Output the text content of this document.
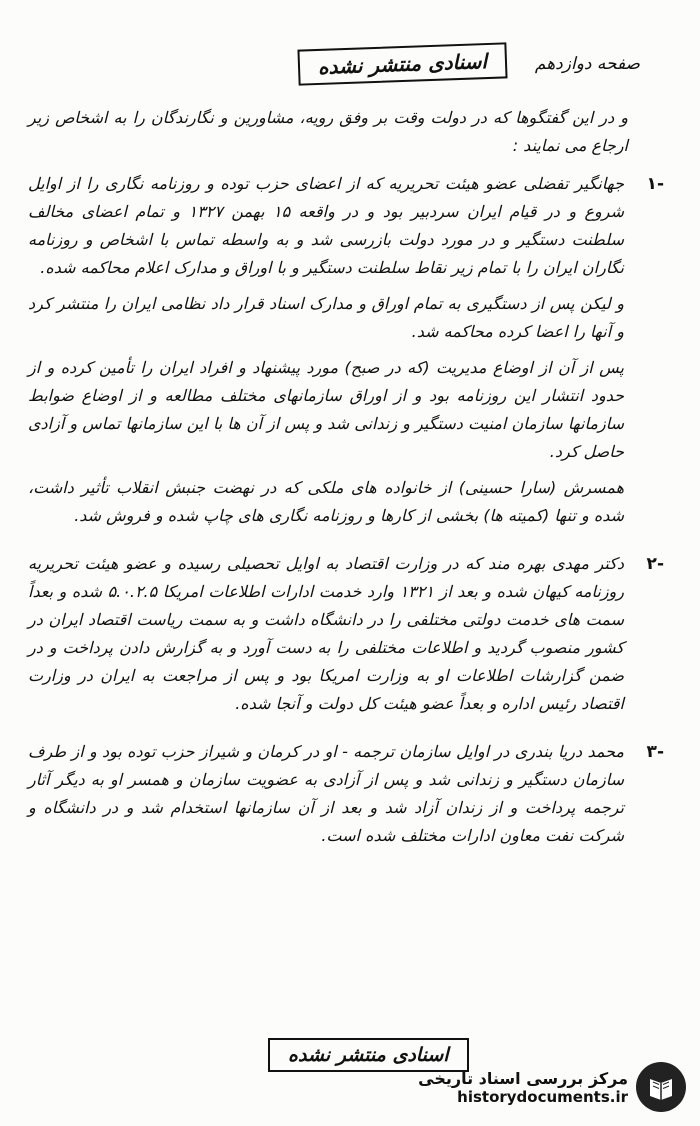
صفحه دوازدهم
اسنادی منتشر نشده

و در این گفتگوها که در دولت وقت بر وفق رویه، مشاورین و نگارندگان را به اشخاص زیر ارجاع می نمایند :

-۱

جهانگیر تفضلی عضو هیئت تحریریه که از اعضای حزب توده و روزنامه نگاری را از اوایل شروع و در قیام ایران سردبیر بود و در واقعه ۱۵ بهمن ۱۳۲۷ و تمام اعضای مخالف سلطنت دستگیر و در مورد دولت بازرسی شد و به واسطه تماس با اشخاص و روزنامه نگاران ایران را با تمام زیر نقاط سلطنت دستگیر و با اوراق و مدارک اعلام محاکمه شده.

و لیکن پس از دستگیری به تمام اوراق و مدارک اسناد قرار داد نظامی ایران را منتشر کرد و آنها را اعضا کرده محاکمه شد.

پس از آن از اوضاع مدیریت (که در صبح) مورد پیشنهاد و افراد ایران را تأمین کرده و از حدود انتشار این روزنامه بود و از اوراق سازمانهای مختلف مطالعه و از اوضاع ضوابط سازمانها سازمان امنیت دستگیر و زندانی شد و پس از آن ها با این سازمانها تماس و آزادی حاصل کرد.

همسرش (سارا حسینی) از خانواده های ملکی که در نهضت جنبش انقلاب تأثیر داشت، شده و تنها (کمیته ها) بخشی از کارها و روزنامه نگاری های چاپ شده و فروش شد.

-۲

دکتر مهدی بهره مند که در وزارت اقتصاد به اوایل تحصیلی رسیده و عضو هیئت تحریریه روزنامه کیهان شده و بعد از ۱۳۲۱ وارد خدمت ادارات اطلاعات امریکا ۵.۰.۲.۵ شده و بعداً سمت های خدمت دولتی مختلفی را در دانشگاه داشت و به سمت ریاست اقتصاد ایران در کشور منصوب گردید و اطلاعات مختلفی را به دست آورد و به گزارش دادن پرداخت و در ضمن گزارشات اطلاعات او به وزارت امریکا بود و پس از مراجعت به ایران در وزارت اقتصاد رئیس اداره و بعداً عضو هیئت کل دولت و آنجا شده.

-۳

محمد دریا بندری در اوایل سازمان ترجمه - او در کرمان و شیراز حزب توده بود و از طرف سازمان دستگیر و زندانی شد و پس از آزادی به عضویت سازمان و همسر او به دیگر آثار ترجمه پرداخت و از زندان آزاد شد و بعد از آن سازمانها استخدام شد و در دانشگاه و شرکت نفت معاون ادارات مختلف شده است.

اسنادی منتشر نشده
مرکز بررسی اسناد تاریخی
historydocuments.ir
